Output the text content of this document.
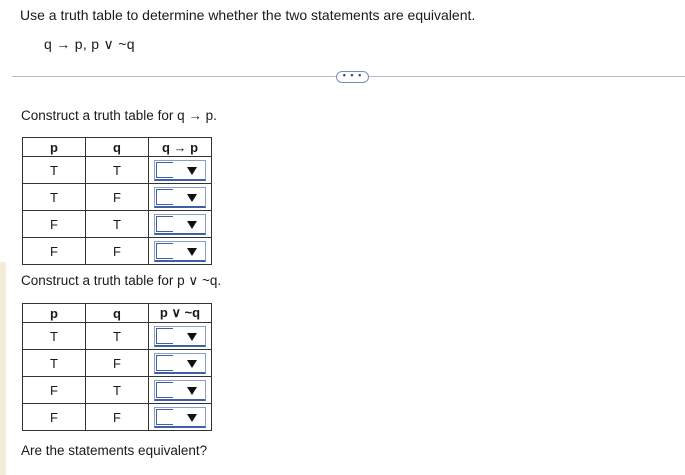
Use a truth table to determine whether the two statements are equivalent.
q → p, p ∨ ~q
• • •
Construct a truth table for q → p.
p	q	q → p
T	T	

T	F	

F	T	

F	F	
Construct a truth table for p ∨ ~q.
p	q	p ∨ ~q
T	T	

T	F	

F	T	

F	F	
Are the statements equivalent?
